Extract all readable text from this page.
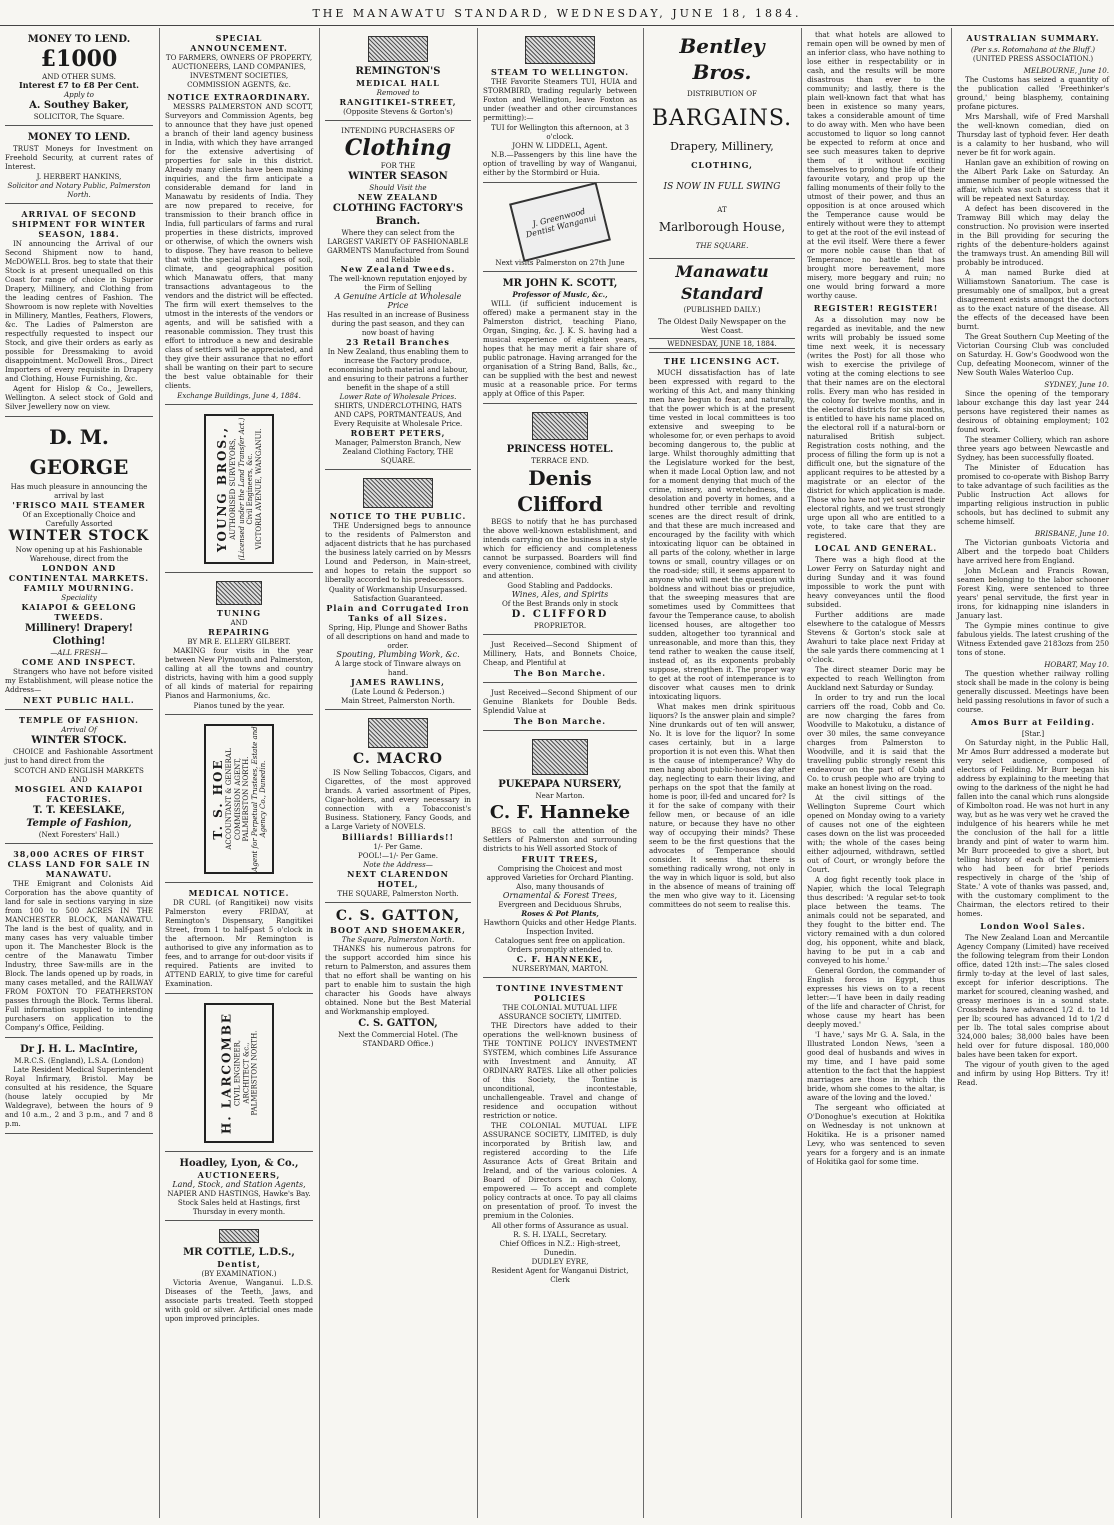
THE MANAWATU STANDARD, WEDNESDAY, JUNE 18, 1884.
MONEY TO LEND.
£1000
AND OTHER SUMS.
Interest £7 to £8 Per Cent.
Apply to
A. Southey Baker,
SOLICITOR, The Square.
MONEY TO LEND.
TRUST Moneys for Investment on Freehold Security, at current rates of Interest.
J. HERBERT HANKINS,
Solicitor and Notary Public, Palmerston North.
ARRIVAL OF SECOND SHIPMENT FOR WINTER SEASON, 1884.
IN announcing the Arrival of our Second Shipment now to hand, McDOWELL Bros. beg to state that their Stock is at present unequalled on this Coast for range of choice in Superior Drapery, Millinery, and Clothing from the leading centres of Fashion. The Showroom is now replete with Novelties in Millinery, Mantles, Feathers, Flowers, &c. The Ladies of Palmerston are respectfully requested to inspect our Stock, and give their orders as early as possible for Dressmaking to avoid disappointment. McDowell Bros., Direct Importers of every requisite in Drapery and Clothing, House Furnishing, &c.
Agent for Hislop & Co., Jewellers, Wellington. A select stock of Gold and Silver Jewellery now on view.
D. M. GEORGE
Has much pleasure in announcing the arrival by last
'FRISCO MAIL STEAMER
Of an Exceptionally Choice and Carefully Assorted
WINTER STOCK
Now opening up at his Fashionable Warehouse, direct from the
LONDON AND CONTINENTAL MARKETS.
FAMILY MOURNING.
Speciality
KAIAPOI & GEELONG TWEEDS.
Millinery! Drapery! Clothing!
—ALL FRESH—
COME AND INSPECT.
Strangers who have not before visited my Establishment, will please notice the Address—
NEXT PUBLIC HALL.
TEMPLE OF FASHION.
Arrival Of
WINTER STOCK.
CHOICE and Fashionable Assortment just to hand direct from the
SCOTCH AND ENGLISH MARKETS AND
MOSGIEL AND KAIAPOI FACTORIES.
T. T. KEESLAKE,
Temple of Fashion,
(Next Foresters' Hall.)
38,000 ACRES OF FIRST CLASS LAND FOR SALE IN MANAWATU.
THE Emigrant and Colonists Aid Corporation has the above quantity of land for sale in sections varying in size from 100 to 500 ACRES IN THE MANCHESTER BLOCK, MANAWATU. The land is the best of quality, and in many cases has very valuable timber upon it. The Manchester Block is the centre of the Manawatu Timber Industry, three Saw-mills are in the Block. The lands opened up by roads, in many cases metalled, and the RAILWAY FROM FOXTON TO FEATHERSTON passes through the Block. Terms liberal. Full information supplied to intending purchasers on application to the Company's Office, Feilding.
Dr J. H. L. MacIntire,
M.R.C.S. (England), L.S.A. (London)
Late Resident Medical Superintendent Royal Infirmary, Bristol. May be consulted at his residence, the Square (house lately occupied by Mr Waldegrave), between the hours of 9 and 10 a.m., 2 and 3 p.m., and 7 and 8 p.m.
SPECIAL ANNOUNCEMENT.
TO FARMERS, OWNERS OF PROPERTY, AUCTIONEERS, LAND COMPANIES, INVESTMENT SOCIETIES, COMMISSION AGENTS, &c.
NOTICE EXTRAORDINARY.
MESSRS PALMERSTON AND SCOTT, Surveyors and Commission Agents, beg to announce that they have just opened a branch of their land agency business in India, with which they have arranged for the extensive advertising of properties for sale in this district. Already many clients have been making inquiries, and the firm anticipate a considerable demand for land in Manawatu by residents of India. They are now prepared to receive, for transmission to their branch office in India, full particulars of farms and rural properties in these districts, improved or otherwise, of which the owners wish to dispose. They have reason to believe that with the special advantages of soil, climate, and geographical position which Manawatu offers, that many transactions advantageous to the vendors and the district will be effected. The firm will exert themselves to the utmost in the interests of the vendors or agents, and will be satisfied with a reasonable commission. They trust this effort to introduce a new and desirable class of settlers will be appreciated, and they give their assurance that no effort shall be wanting on their part to secure the best value obtainable for their clients.
Exchange Buildings, June 4, 1884.
YOUNG BROS., AUTHORISED SURVEYORS, (Licensed under the Land Transfer Act.) Civil Engineers, &c. VICTORIA AVENUE, WANGANUI.
TUNING
AND
REPAIRING
BY MR E. ELLERY GILBERT.
MAKING four visits in the year between New Plymouth and Palmerston, calling at all the towns and country districts, having with him a good supply of all kinds of material for repairing Pianos and Harmoniums, &c.
Pianos tuned by the year.
T. S. HOE ACCOUNTANT & GENERAL COMMISSION AGENT, PALMERSTON NORTH. Agent for Perpetual Trustees, Estate and Agency Co., Dunedin.
MEDICAL NOTICE.
DR CURL (of Rangitikei) now visits Palmerston every FRIDAY, at Remington's Dispensary, Rangitikei Street, from 1 to half-past 5 o'clock in the afternoon. Mr Remington is authorised to give any information as to fees, and to arrange for out-door visits if required. Patients are invited to ATTEND EARLY, to give time for careful Examination.
H. LARCOMBE CIVIL ENGINEER, ARCHITECT &c., PALMERSTON NORTH.
Hoadley, Lyon, & Co.,
AUCTIONEERS,
Land, Stock, and Station Agents,
NAPIER AND HASTINGS, Hawke's Bay.
Stock Sales held at Hastings, first Thursday in every month.
MR COTTLE, L.D.S.,
Dentist,
(BY EXAMINATION.)
Victoria Avenue, Wanganui. L.D.S. Diseases of the Teeth, Jaws, and associate parts treated. Teeth stopped with gold or silver. Artificial ones made upon improved principles.
REMINGTON'S
MEDICAL HALL
Removed to
RANGITIKEI-STREET,
(Opposite Stevens & Gorton's)
INTENDING PURCHASERS OF
Clothing
FOR THE
WINTER SEASON
Should Visit the
NEW ZEALAND
CLOTHING FACTORY'S
Branch.
Where they can select from the LARGEST VARIETY OF FASHIONABLE GARMENTS Manufactured from Sound and Reliable
New Zealand Tweeds.
The well-known reputation enjoyed by the Firm of Selling
A Genuine Article at Wholesale Price
Has resulted in an increase of Business during the past season, and they can now boast of having
23 Retail Branches
In New Zealand, thus enabling them to increase the Factory produce, economising both material and labour, and ensuring to their patrons a further benefit in the shape of a still
Lower Rate of Wholesale Prices.
SHIRTS, UNDERCLOTHING, HATS AND CAPS, PORTMANTEAUS, And Every Requisite at Wholesale Price.
ROBERT PETERS,
Manager, Palmerston Branch, New Zealand Clothing Factory, THE SQUARE.
NOTICE TO THE PUBLIC.
THE Undersigned begs to announce to the residents of Palmerston and adjacent districts that he has purchased the business lately carried on by Messrs Lound and Pederson, in Main-street, and hopes to retain the support so liberally accorded to his predecessors.
Quality of Workmanship Unsurpassed.
Satisfaction Guaranteed.
Plain and Corrugated Iron Tanks of all Sizes.
Spring, Hip, Plunge and Shower Baths of all descriptions on hand and made to order.
Spouting, Plumbing Work, &c.
A large stock of Tinware always on hand.
JAMES RAWLINS,
(Late Lound & Pederson.)
Main Street, Palmerston North.
C. MACRO
IS Now Selling Tobaccos, Cigars, and Cigarettes, of the most approved brands. A varied assortment of Pipes, Cigar-holders, and every necessary in connection with a Tobacconist's Business. Stationery, Fancy Goods, and a Large Variety of NOVELS.
Billiards! Billiards!!
1/- Per Game.
POOL!—1/- Per Game.
Note the Address—
NEXT CLARENDON HOTEL,
THE SQUARE, Palmerston North.
C. S. GATTON,
BOOT AND SHOEMAKER,
The Square, Palmerston North.
THANKS his numerous patrons for the support accorded him since his return to Palmerston, and assures them that no effort shall be wanting on his part to enable him to sustain the high character his Goods have always obtained. None but the Best Material and Workmanship employed.
C. S. GATTON,
Next the Commercial Hotel. (The STANDARD Office.)
STEAM TO WELLINGTON.
THE Favorite Steamers TUI, HUIA and STORMBIRD, trading regularly between Foxton and Wellington, leave Foxton as under (weather and other circumstances permitting):—
TUI for Wellington this afternoon, at 3 o'clock.
JOHN W. LIDDELL, Agent.
N.B.—Passengers by this line have the option of travelling by way of Wanganui, either by the Stormbird or Huia.
J. Greenwood Dentist Wanganui
Next visits Palmerston on 27th June
MR JOHN K. SCOTT,
Professor of Music, &c.,
WILL (if sufficient inducement is offered) make a permanent stay in the Palmerston district, teaching Piano, Organ, Singing, &c. J. K. S. having had a musical experience of eighteen years, hopes that he may merit a fair share of public patronage. Having arranged for the organisation of a String Band, Balls, &c., can be supplied with the best and newest music at a reasonable price. For terms apply at Office of this Paper.
PRINCESS HOTEL.
TERRACE END.
Denis Clifford
BEGS to notify that he has purchased the above well-known establishment, and intends carrying on the business in a style which for efficiency and completeness cannot be surpassed. Boarders will find every convenience, combined with civility and attention.
Good Stabling and Paddocks.
Wines, Ales, and Spirits
Of the Best Brands only in stock
D. CLIFFORD
PROPRIETOR.
Just Received—Second Shipment of Millinery, Hats, and Bonnets Choice, Cheap, and Plentiful at
The Bon Marche.
Just Received—Second Shipment of our Genuine Blankets for Double Beds. Splendid Value at
The Bon Marche.
PUKEPAPA NURSERY,
Near Marton.
C. F. Hanneke
BEGS to call the attention of the Settlers of Palmerston and surrounding districts to his Well assorted Stock of
FRUIT TREES,
Comprising the Choicest and most approved Varieties for Orchard Planting. Also, many thousands of
Ornamental & Forest Trees,
Evergreen and Deciduous Shrubs,
Roses & Pot Plants,
Hawthorn Quicks and other Hedge Plants.
Inspection Invited.
Catalogues sent free on application. Orders promptly attended to.
C. F. HANNEKE,
NURSERYMAN, MARTON.
TONTINE INVESTMENT POLICIES
THE COLONIAL MUTUAL LIFE ASSURANCE SOCIETY, LIMITED.
THE Directors have added to their operations the well-known business of THE TONTINE POLICY INVESTMENT SYSTEM, which combines Life Assurance with Investment and Annuity, AT ORDINARY RATES. Like all other policies of this Society, the Tontine is unconditional, incontestable, unchallengeable. Travel and change of residence and occupation without restriction or notice.
THE COLONIAL MUTUAL LIFE ASSURANCE SOCIETY, LIMITED, is duly incorporated by British law, and registered according to the Life Assurance Acts of Great Britain and Ireland, and of the various colonies. A Board of Directors in each Colony, empowered — To accept and complete policy contracts at once. To pay all claims on presentation of proof. To invest the premium in the Colonies.
All other forms of Assurance as usual.
R. S. H. LYALL, Secretary.
Chief Offices in N.Z.: High-street, Dunedin.
DUDLEY EYRE,
Resident Agent for Wanganui District, Clerk
Bentley Bros.
DISTRIBUTION OF
BARGAINS.
Drapery, Millinery,
CLOTHING,
IS NOW IN FULL SWING
AT
Marlborough House,
THE SQUARE.
Manawatu Standard
(PUBLISHED DAILY.)
The Oldest Daily Newspaper on the West Coast.
WEDNESDAY, JUNE 18, 1884.
THE LICENSING ACT.
MUCH dissatisfaction has of late been expressed with regard to the working of this Act, and many thinking men have begun to fear, and naturally, that the power which is at the present time vested in local committees is too extensive and sweeping to be wholesome for, or even perhaps to avoid becoming dangerous to, the public at large. Whilst thoroughly admitting that the Legislature worked for the best, when it made Local Option law, and not for a moment denying that much of the crime, misery, and wretchedness, the desolation and poverty in homes, and a hundred other terrible and revolting scenes are the direct result of drink, and that these are much increased and encouraged by the facility with which intoxicating liquor can be obtained in all parts of the colony, whether in large towns or small, country villages or on the road-side; still, it seems apparent to anyone who will meet the question with boldness and without bias or prejudice, that the sweeping measures that are sometimes used by Committees that favour the Temperance cause, to abolish licensed houses, are altogether too sudden, altogether too tyrannical and unreasonable, and more than this, they tend rather to weaken the cause itself, instead of, as its exponents probably suppose, strengthen it. The proper way to get at the root of intemperance is to discover what causes men to drink intoxicating liquors.
What makes men drink spirituous liquors? Is the answer plain and simple? Nine drunkards out of ten will answer, No. It is love for the liquor? In some cases certainly, but in a large proportion it is not even this. What then is the cause of intemperance? Why do men hang about public-houses day after day, neglecting to earn their living, and perhaps on the spot that the family at home is poor, ill-fed and uncared for? Is it for the sake of company with their fellow men, or because of an idle nature, or because they have no other way of occupying their minds? These seem to be the first questions that the advocates of Temperance should consider. It seems that there is something radically wrong, not only in the way in which liquor is sold, but also in the absence of means of training off the men who give way to it. Licensing committees do not seem to realise this.
that what hotels are allowed to remain open will be owned by men of an inferior class, who have nothing to lose either in respectability or in cash, and the results will be more disastrous than ever to the community; and lastly, there is the plain well-known fact that what has been in existence so many years, takes a considerable amount of time to do away with. Men who have been accustomed to liquor so long cannot be expected to reform at once and see such measures taken to deprive them of it without exciting themselves to prolong the life of their favourite votary, and prop up the falling monuments of their folly to the utmost of their power, and thus an opposition is at once aroused which the Temperance cause would be entirely without were they to attempt to get at the root of the evil instead of at the evil itself. Were there a fewer or more noble cause than that of Temperance; no battle field has brought more bereavement, more misery, more beggary and ruin; no one would bring forward a more worthy cause.
REGISTER! REGISTER!
As a dissolution may now be regarded as inevitable, and the new writs will probably be issued some time next week, it is necessary (writes the Post) for all those who wish to exercise the privilege of voting at the coming elections to see that their names are on the electoral rolls. Every man who has resided in the colony for twelve months, and in the electoral districts for six months, is entitled to have his name placed on the electoral roll if a natural-born or naturalised British subject. Registration costs nothing, and the process of filling the form up is not a difficult one, but the signature of the applicant requires to be attested by a magistrate or an elector of the district for which application is made. Those who have not yet secured their electoral rights, and we trust strongly urge upon all who are entitled to a vote, to take care that they are registered.
LOCAL AND GENERAL.
There was a high flood at the Lower Ferry on Saturday night and during Sunday and it was found impossible to work the punt with heavy conveyances until the flood subsided.
Further additions are made elsewhere to the catalogue of Messrs Stevens & Gorton's stock sale at Awahuri to take place next Friday at the sale yards there commencing at 1 o'clock.
The direct steamer Doric may be expected to reach Wellington from Auckland next Saturday or Sunday.
In order to try and run the local carriers off the road, Cobb and Co. are now charging the fares from Woodville to Makotuku, a distance of over 30 miles, the same conveyance charges from Palmerston to Woodville, and it is said that the travelling public strongly resent this endeavour on the part of Cobb and Co. to crush people who are trying to make an honest living on the road.
At the civil sittings of the Wellington Supreme Court which opened on Monday owing to a variety of causes not one of the eighteen cases down on the list was proceeded with; the whole of the cases being either adjourned, withdrawn, settled out of Court, or wrongly before the Court.
A dog fight recently took place in Napier, which the local Telegraph thus described: 'A regular set-to took place between the teams. The animals could not be separated, and they fought to the bitter end. The victory remained with a dun colored dog, his opponent, white and black, having to be put in a cab and conveyed to his home.'
General Gordon, the commander of English forces in Egypt, thus expresses his views on to a recent letter:—'I have been in daily reading of the life and character of Christ, for whose cause my heart has been deeply moved.'
'I have,' says Mr G. A. Sala, in the Illustrated London News, 'seen a good deal of husbands and wives in my time, and I have paid some attention to the fact that the happiest marriages are those in which the bride, whom she comes to the altar, is aware of the loving and the loved.'
The sergeant who officiated at O'Donoghue's execution at Hokitika on Wednesday is not unknown at Hokitika. He is a prisoner named Levy, who was sentenced to seven years for a forgery and is an inmate of Hokitika gaol for some time.
AUSTRALIAN SUMMARY.
(Per s.s. Rotomahana at the Bluff.)
(UNITED PRESS ASSOCIATION.)
MELBOURNE, June 10.
The Customs has seized a quantity of the publication called 'Freethinker's ground,' being blasphemy, containing profane pictures.
Mrs Marshall, wife of Fred Marshall the well-known comedian, died on Thursday last of typhoid fever. Her death is a calamity to her husband, who will never be fit for work again.
Hanlan gave an exhibition of rowing on the Albert Park Lake on Saturday. An immense number of people witnessed the affair, which was such a success that it will be repeated next Saturday.
A defect has been discovered in the Tramway Bill which may delay the construction. No provision were inserted in the Bill providing for securing the rights of the debenture-holders against the tramways trust. An amending Bill will probably be introduced.
A man named Burke died at Williamstown Sanatorium. The case is presumably one of smallpox, but a great disagreement exists amongst the doctors as to the exact nature of the disease. All the effects of the deceased have been burnt.
The Great Southern Cup Meeting of the Victorian Coursing Club was concluded on Saturday. H. Gow's Goodwood won the Cup, defeating Moonecom, winner of the New South Wales Waterloo Cup.
SYDNEY, June 10.
Since the opening of the temporary labour exchange this day last year 244 persons have registered their names as desirous of obtaining employment; 102 found work.
The steamer Colliery, which ran ashore three years ago between Newcastle and Sydney, has been successfully floated.
The Minister of Education has promised to co-operate with Bishop Barry to take advantage of such facilities as the Public Instruction Act allows for imparting religious instruction in public schools, but has declined to submit any scheme himself.
BRISBANE, June 10.
The Victorian gunboats Victoria and Albert and the torpedo boat Childers have arrived here from England.
John McLean and Francis Rowan, seamen belonging to the labor schooner Forest King, were sentenced to three years' penal servitude, the first year in irons, for kidnapping nine islanders in January last.
The Gympie mines continue to give fabulous yields. The latest crushing of the Witness Extended gave 2183ozs from 250 tons of stone.
HOBART, May 10.
The question whether railway rolling stock shall be made in the colony is being generally discussed. Meetings have been held passing resolutions in favor of such a course.
Amos Burr at Feilding.
[Star.]
On Saturday night, in the Public Hall, Mr Amos Burr addressed a moderate but very select audience, composed of electors of Feilding. Mr Burr began his address by explaining to the meeting that owing to the darkness of the night he had fallen into the canal which runs alongside of Kimbolton road. He was not hurt in any way, but as he was very wet he craved the indulgence of his hearers while he met the conclusion of the hall for a little brandy and pint of water to warm him. Mr Burr proceeded to give a short, but telling history of each of the Premiers who had been for brief periods respectively in charge of the 'ship of State.' A vote of thanks was passed, and, with the customary compliment to the Chairman, the electors retired to their homes.
London Wool Sales.
The New Zealand Loan and Mercantile Agency Company (Limited) have received the following telegram from their London office, dated 12th inst:—The sales closed firmly to-day at the level of last sales, except for inferior descriptions. The market for scoured, cleaning washed, and greasy merinoes is in a sound state. Crossbreds have advanced 1/2 d. to 1d per lb; scoured has advanced 1d to 1/2 d per lb. The total sales comprise about 324,000 bales; 38,000 bales have been held over for future disposal. 180,000 bales have been taken for export.
The vigour of youth given to the aged and infirm by using Hop Bitters. Try it! Read.
